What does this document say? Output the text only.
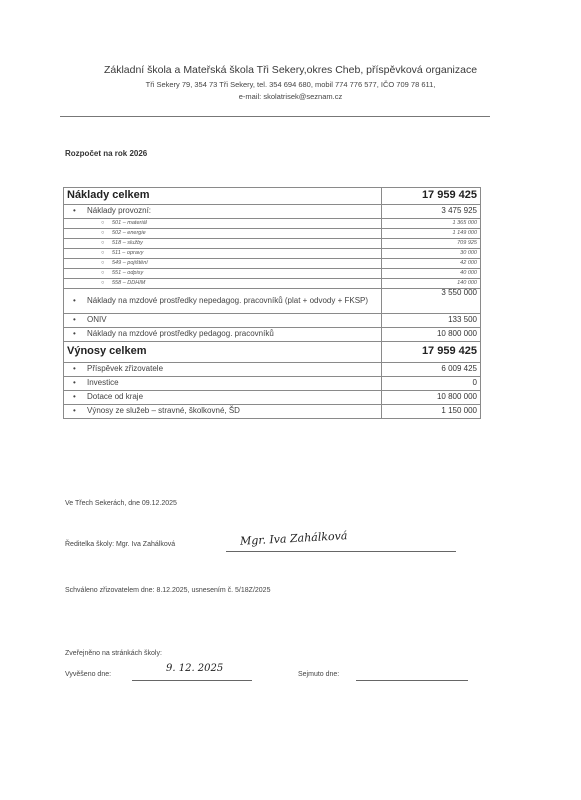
Základní škola a Mateřská škola Tři Sekery,okres Cheb, příspěvková organizace
Tři Sekery 79, 354 73 Tři Sekery, tel. 354 694 680, mobil 774 776 577, IČO 709 78 611,
e-mail: skolatrisek@seznam.cz
Rozpočet na rok 2026
Náklady celkem	17 959 425

• Náklady provozní:	3 475 925

○ 501 – materiál	1 365 000

○ 502 – energie	1 149 000

○ 518 – služby	709 925

○ 511 – opravy	30 000

○ 549 – pojištění	42 000

○ 551 – odpisy	40 000

○ 558 – DDHIM	140 000

• Náklady na mzdové prostředky nepedagog. pracovníků (plat + odvody + FKSP)	3 550 000

• ONIV	133 500

• Náklady na mzdové prostředky pedagog. pracovníků	10 800 000
Výnosy celkem	17 959 425

• Příspěvek zřizovatele	6 009 425

• Investice	0

• Dotace od kraje	10 800 000

• Výnosy ze služeb – stravné, školkovné, ŠD	1 150 000
Ve Třech Sekerách, dne 09.12.2025
Ředitelka školy: Mgr. Iva Zahálková	Mgr. Iva Zahálková
Schváleno zřizovatelem dne: 8.12.2025, usnesením č. 5/18Z/2025
Zveřejněno na stránkách školy:
Vyvěšeno dne:
9. 12. 2025
Sejmuto dne:
